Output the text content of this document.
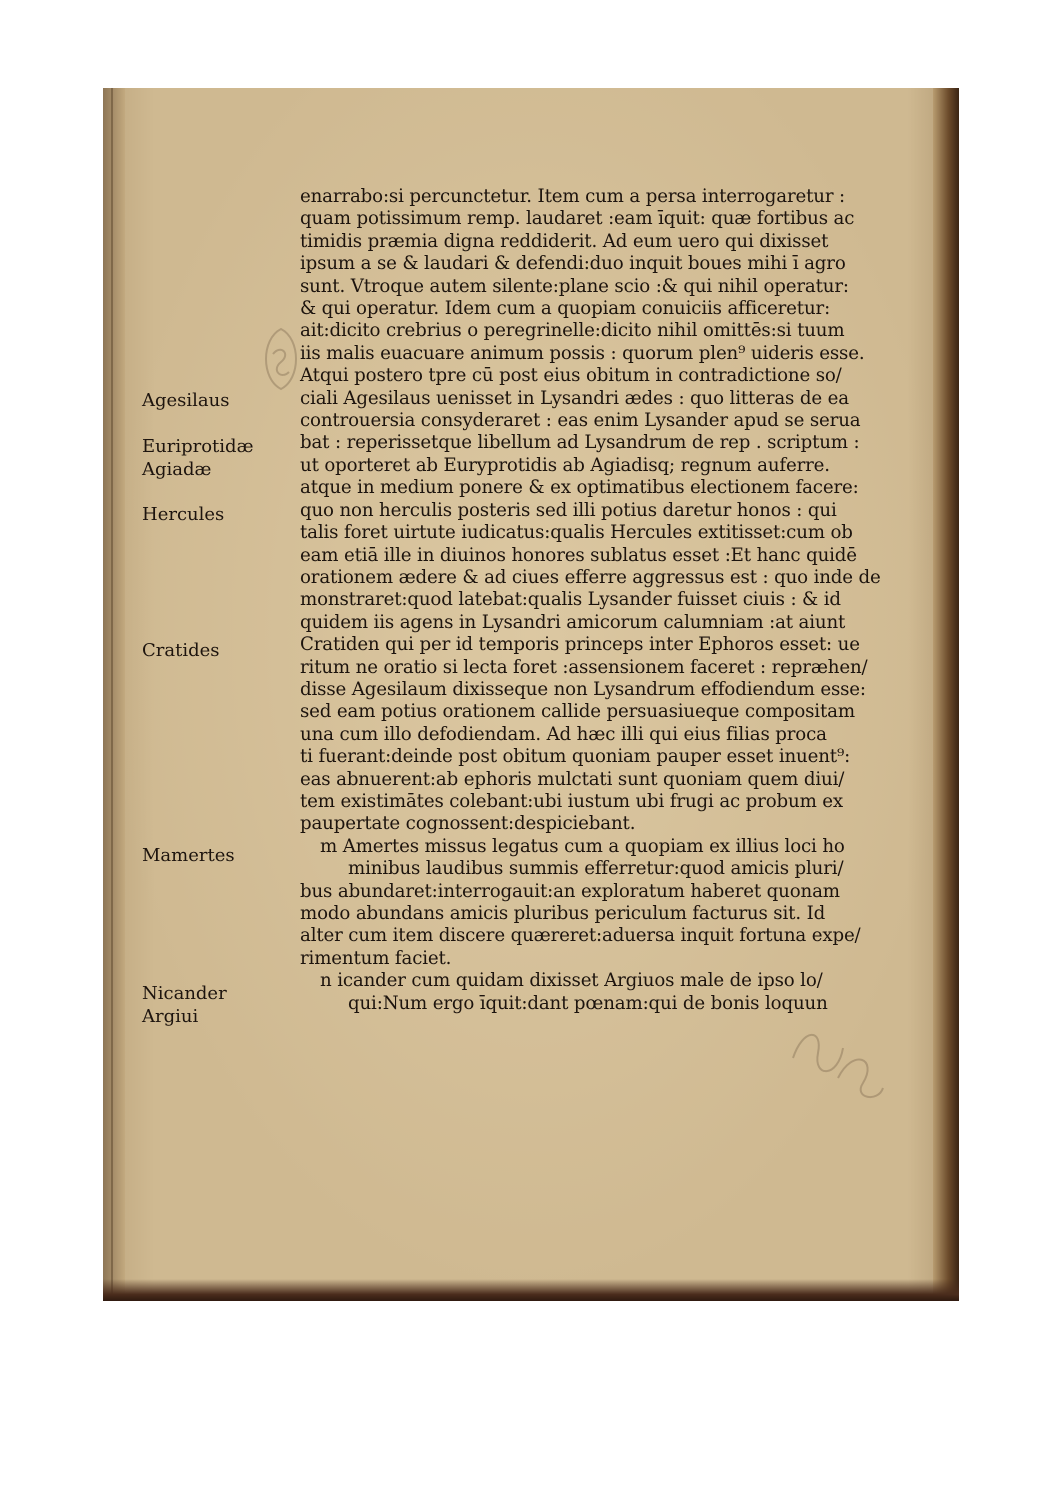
enarrabo:si percunctetur. Item cum a persa interrogaretur :
quam potissimum remp. laudaret :eam īquit: quæ fortibus ac
timidis præmia digna reddiderit. Ad eum uero qui dixisset
ipsum a se & laudari & defendi:duo inquit boues mihi ī agro
sunt. Vtroque autem silente:plane scio :& qui nihil operatur:
& qui operatur. Idem cum a quopiam conuiciis afficeretur:
ait:dicito crebrius o peregrinelle:dicito nihil omittēs:si tuum
iis malis euacuare animum possis : quorum plen⁹ uideris esse.
Atqui postero tpre cū post eius obitum in contradictione so/
ciali Agesilaus uenisset in Lysandri ædes : quo litteras de ea
controuersia consyderaret : eas enim Lysander apud se serua
bat : reperissetque libellum ad Lysandrum de rep . scriptum :
ut oporteret ab Euryprotidis ab Agiadisq; regnum auferre.
atque in medium ponere & ex optimatibus electionem facere:
quo non herculis posteris sed illi potius daretur honos : qui
talis foret uirtute iudicatus:qualis Hercules extitisset:cum ob
eam etiā ille in diuinos honores sublatus esset :Et hanc quidē
orationem ædere & ad ciues efferre aggressus est : quo inde de
monstraret:quod latebat:qualis Lysander fuisset ciuis : & id
quidem iis agens in Lysandri amicorum calumniam :at aiunt
Cratiden qui per id temporis princeps inter Ephoros esset: ue
ritum ne oratio si lecta foret :assensionem faceret : repræhen/
disse Agesilaum dixisseque non Lysandrum effodiendum esse:
sed eam potius orationem callide persuasiueque compositam
una cum illo defodiendam. Ad hæc illi qui eius filias proca
ti fuerant:deinde post obitum quoniam pauper esset inuent⁹:
eas abnuerent:ab ephoris mulctati sunt quoniam quem diui/
tem existimātes colebant:ubi iustum ubi frugi ac probum ex
paupertate cognossent:despiciebant.
m Amertes missus legatus cum a quopiam ex illius loci ho
minibus laudibus summis efferretur:quod amicis pluri/
bus abundaret:interrogauit:an exploratum haberet quonam
modo abundans amicis pluribus periculum facturus sit. Id
alter cum item discere quæreret:aduersa inquit fortuna expe/
rimentum faciet.
n icander cum quidam dixisset Argiuos male de ipso lo/
qui:Num ergo īquit:dant pœnam:qui de bonis loquun
Agesilaus
Euriprotidæ
Agiadæ
Hercules
Cratides
Mamertes
Nicander
Argiui
